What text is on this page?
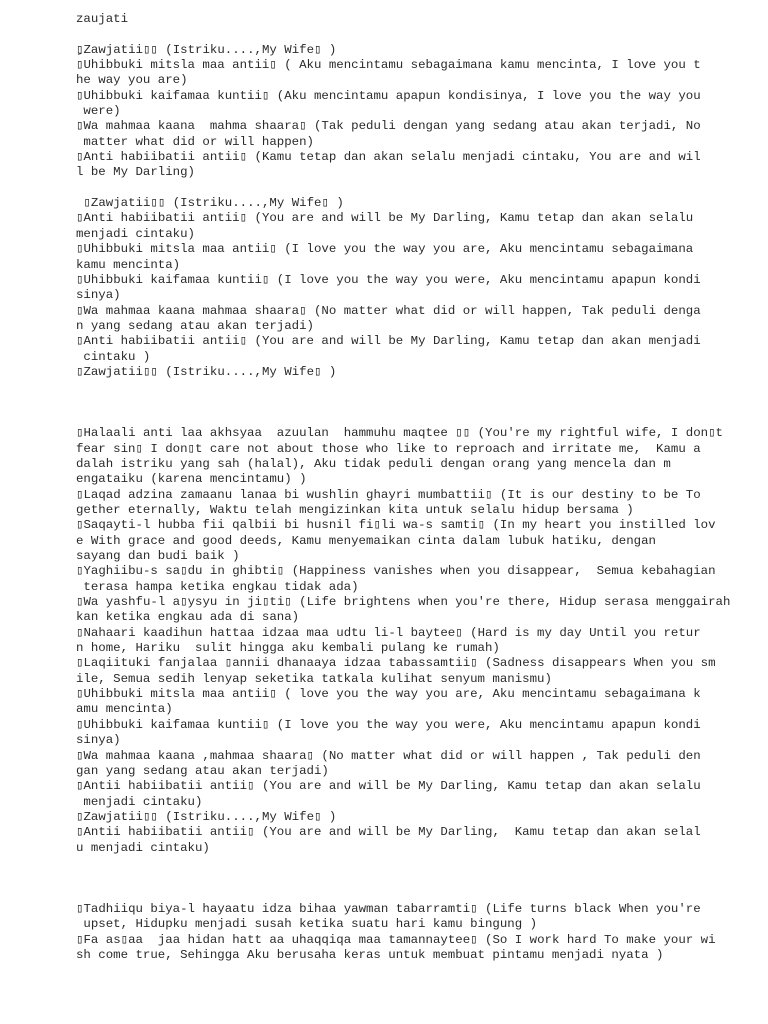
zaujati
▯ِZawjatii▯▯ (Istriku....,My Wife▯ )
▯Uhibbuki mitsla maa antii▯ ( Aku mencintamu sebagaimana kamu mencinta, I love you t
he way you are)
▯Uhibbuki kaifamaa kuntii▯ (Aku mencintamu apapun kondisinya, I love you the way you
were)
▯Wa mahmaa kaana  mahma shaara▯ (Tak peduli dengan yang sedang atau akan terjadi, No
matter what did or will happen)
▯Anti habiibatii antii▯ (Kamu tetap dan akan selalu menjadi cintaku, You are and wil
l be My Darling)
▯Zawjatii▯▯ (Istriku....,My Wife▯ )
▯Anti habiibatii antii▯ (You are and will be My Darling, Kamu tetap dan akan selalu
menjadi cintaku)
▯Uhibbuki mitsla maa antii▯ (I love you the way you are, Aku mencintamu sebagaimana
kamu mencinta)
▯Uhibbuki kaifamaa kuntii▯ (I love you the way you were, Aku mencintamu apapun kondi
sinya)
▯Wa mahmaa kaana mahmaa shaara▯ (No matter what did or will happen, Tak peduli denga
n yang sedang atau akan terjadi)
▯Anti habiibatii antii▯ (You are and will be My Darling, Kamu tetap dan akan menjadi
cintaku )
▯Zawjatii▯▯ (Istriku....,My Wife▯ )
▯Halaali anti laa akhsyaa  azuulan  hammuhu maqtee ▯▯ (You're my rightful wife, I don▯t
fear sin▯ I don▯t care not about those who like to reproach and irritate me,  Kamu a
dalah istriku yang sah (halal), Aku tidak peduli dengan orang yang mencela dan m
engataiku (karena mencintamu) )
▯Laqad adzina zamaanu lanaa bi wushlin ghayri mumbattii▯ (It is our destiny to be To
gether eternally, Waktu telah mengizinkan kita untuk selalu hidup bersama )
▯Saqayti-l hubba fii qalbii bi husnil fi▯li wa-s samti▯ (In my heart you instilled lov
e With grace and good deeds, Kamu menyemaikan cinta dalam lubuk hatiku, dengan
sayang dan budi baik )
▯Yaghiibu-s sa▯du in ghibti▯ (Happiness vanishes when you disappear,  Semua kebahagian
terasa hampa ketika engkau tidak ada)
▯Wa yashfu-l a▯ysyu in ji▯ti▯ (Life brightens when you're there, Hidup serasa menggairah
kan ketika engkau ada di sana)
▯Nahaari kaadihun hattaa idzaa maa udtu li-l baytee▯ (Hard is my day Until you retur
n home, Hariku  sulit hingga aku kembali pulang ke rumah)
▯Laqiituki fanjalaa ▯annii dhanaaya idzaa tabassamtii▯ (Sadness disappears When you sm
ile, Semua sedih lenyap seketika tatkala kulihat senyum manismu)
▯Uhibbuki mitsla maa antii▯ ( love you the way you are, Aku mencintamu sebagaimana k
amu mencinta)
▯Uhibbuki kaifamaa kuntii▯ (I love you the way you were, Aku mencintamu apapun kondi
sinya)
▯Wa mahmaa kaana ,mahmaa shaara▯ (No matter what did or will happen , Tak peduli den
gan yang sedang atau akan terjadi)
▯Antii habiibatii antii▯ (You are and will be My Darling, Kamu tetap dan akan selalu
menjadi cintaku)
▯Zawjatii▯▯ (Istriku....,My Wife▯ )
▯Antii habiibatii antii▯ (You are and will be My Darling,  Kamu tetap dan akan selal
u menjadi cintaku)
▯Tadhiiqu biya-l hayaatu idza bihaa yawman tabarramti▯ (Life turns black When you're
upset, Hidupku menjadi susah ketika suatu hari kamu bingung )
▯Fa as▯aa  jaa hidan hatt aa uhaqqiqa maa tamannaytee▯ (So I work hard To make your wi
sh come true, Sehingga Aku berusaha keras untuk membuat pintamu menjadi nyata )
